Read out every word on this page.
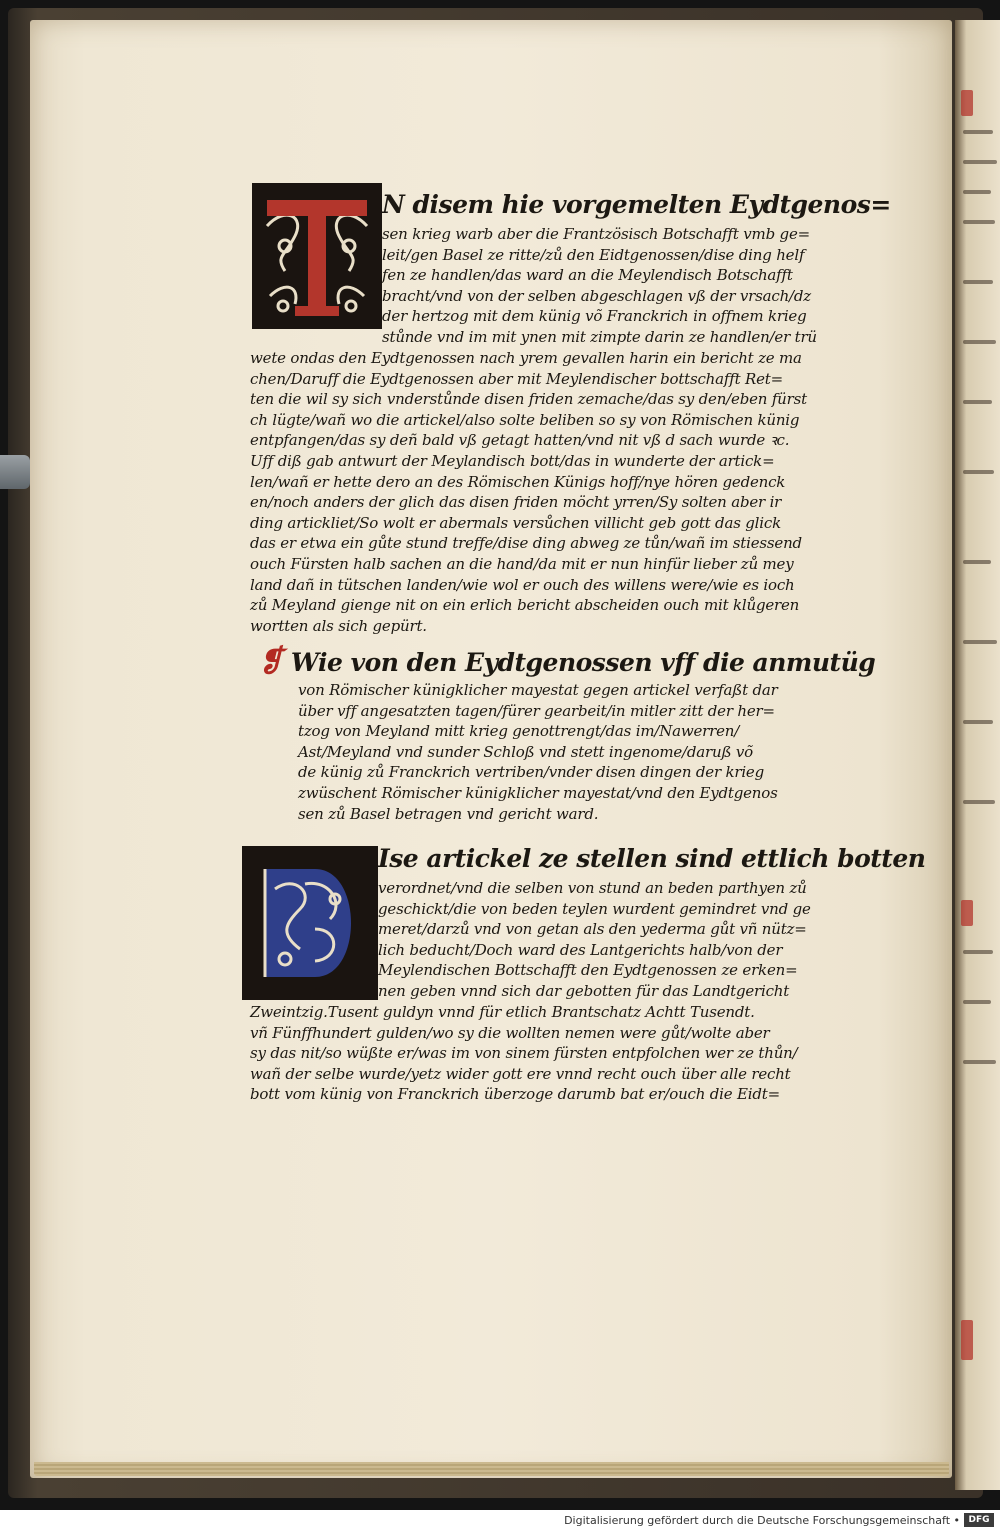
N disem hie vorgemelten Eydtgenos=
sen krieg warb aber die Frantzösisch Botschafft vmb ge=
leit/gen Basel ze ritte/zů den Eidtgenossen/dise ding helf
fen ze handlen/das ward an die Meylendisch Botschafft
bracht/vnd von der selben abgeschlagen vß der vrsach/dz
der hertzog mit dem künig võ Franckrich in offnem krieg
stůnde vnd im mit ynen mit zimpte darin ze handlen/er trü
wete ondas den Eydtgenossen nach yrem gevallen harin ein bericht ze ma
chen/Daruff die Eydtgenossen aber mit Meylendischer bottschafft Ret=
ten die wil sy sich vnderstůnde disen friden zemache/das sy den/eben fürst
ch lügte/wañ wo die artickel/also solte beliben so sy von Römischen künig
entpfangen/das sy deñ bald vß getagt hatten/vnd nit vß d sach wurde ꝛc.
Uff diß gab antwurt der Meylandisch bott/das in wunderte der artick=
len/wañ er hette dero an des Römischen Künigs hoff/nye hören gedenck
en/noch anders der glich das disen friden möcht yrren/Sy solten aber ir
ding artickliet/So wolt er abermals versůchen villicht geb gott das glick
das er etwa ein gůte stund treffe/dise ding abweg ze tůn/wañ im stiessend
ouch Fürsten halb sachen an die hand/da mit er nun hinfür lieber zů mey
land dañ in tütschen landen/wie wol er ouch des willens were/wie es ioch
zů Meyland gienge nit on ein erlich bericht abscheiden ouch mit klůgeren
wortten als sich gepürt.
❡ Wie von den Eydtgenossen vff die anmutüg
von Römischer künigklicher mayestat gegen artickel verfaßt dar
über vff angesatzten tagen/fürer gearbeit/in mitler zitt der her=
tzog von Meyland mitt krieg genottrengt/das im/Nawerren/
Ast/Meyland vnd sunder Schloß vnd stett ingenome/daruß võ
de künig zů Franckrich vertriben/vnder disen dingen der krieg
zwüschent Römischer künigklicher mayestat/vnd den Eydtgenos
sen zů Basel betragen vnd gericht ward.
Ise artickel ze stellen sind ettlich botten
verordnet/vnd die selben von stund an beden parthyen zů
geschickt/die von beden teylen wurdent gemindret vnd ge
meret/darzů vnd von getan als den yederma gůt vñ nütz=
lich beducht/Doch ward des Lantgerichts halb/von der
Meylendischen Bottschafft den Eydtgenossen ze erken=
nen geben vnnd sich dar gebotten für das Landtgericht
Zweintzig.Tusent guldyn vnnd für etlich Brantschatz Achtt Tusendt.
vñ Fünffhundert gulden/wo sy die wollten nemen were gůt/wolte aber
sy das nit/so wüßte er/was im von sinem fürsten entpfolchen wer ze thůn/
wañ der selbe wurde/yetz wider gott ere vnnd recht ouch über alle recht
bott vom künig von Franckrich überzoge darumb bat er/ouch die Eidt=
Digitalisierung gefördert durch die Deutsche Forschungsgemeinschaft • DFG
